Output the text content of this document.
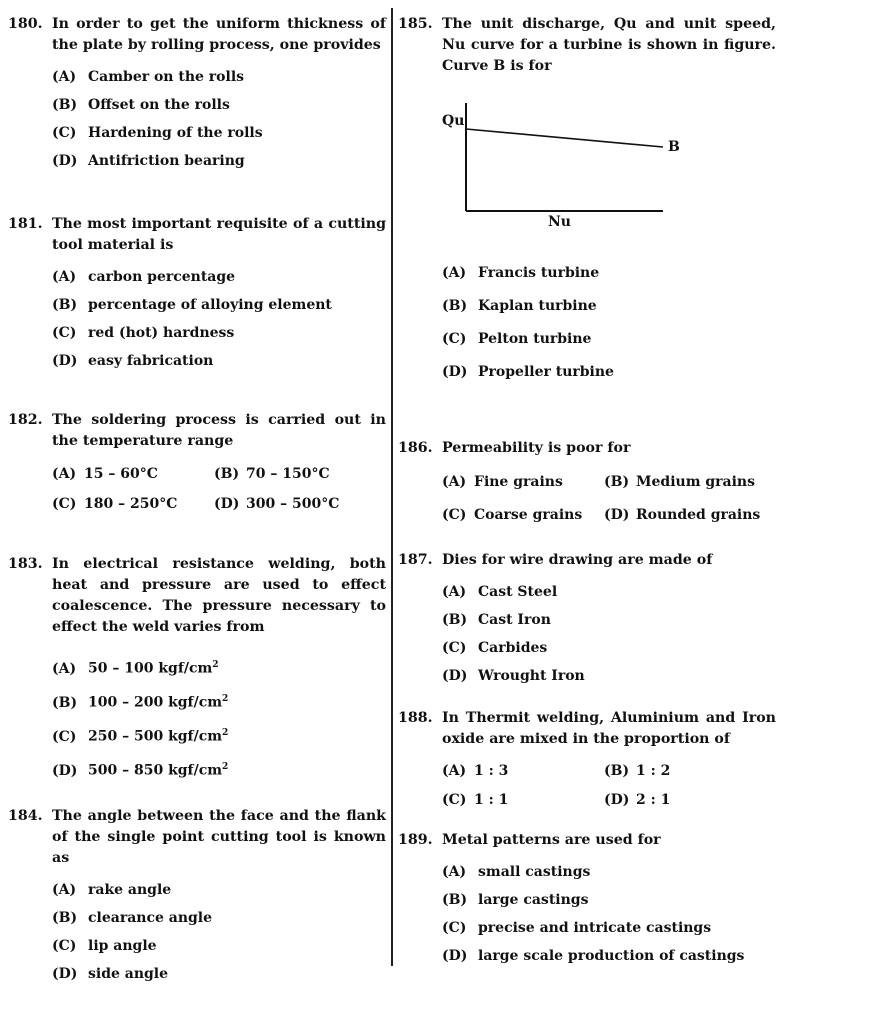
180. In order to get the uniform thickness of the plate by rolling process, one provides
(A) Camber on the rolls
(B) Offset on the rolls
(C) Hardening of the rolls
(D) Antifriction bearing
181. The most important requisite of a cutting tool material is
(A) carbon percentage
(B) percentage of alloying element
(C) red (hot) hardness
(D) easy fabrication
182. The soldering process is carried out in the temperature range
(A) 15 – 60°C	(B) 70 – 150°C
(C) 180 – 250°C	(D) 300 – 500°C
183. In electrical resistance welding, both heat and pressure are used to effect coalescence. The pressure necessary to effect the weld varies from
(A) 50 – 100 kgf/$cm^2$
(B) 100 – 200 kgf/$cm^2$
(C) 250 – 500 kgf/$cm^2$
(D) 500 – 850 kgf/$cm^2$
184. The angle between the face and the flank of the single point cutting tool is known as
(A) rake angle
(B) clearance angle
(C) lip angle
(D) side angle
185. The unit discharge, Qu and unit speed, Nu curve for a turbine is shown in figure. Curve B is for
Qu
Nu
B
(A) Francis turbine
(B) Kaplan turbine
(C) Pelton turbine
(D) Propeller turbine
186. Permeability is poor for
(A) Fine grains	(B) Medium grains
(C) Coarse grains	(D) Rounded grains
187. Dies for wire drawing are made of
(A) Cast Steel
(B) Cast Iron
(C) Carbides
(D) Wrought Iron
188. In Thermit welding, Aluminium and Iron oxide are mixed in the proportion of
(A) 1 : 3	(B) 1 : 2
(C) 1 : 1	(D) 2 : 1
189. Metal patterns are used for
(A) small castings
(B) large castings
(C) precise and intricate castings
(D) large scale production of castings
